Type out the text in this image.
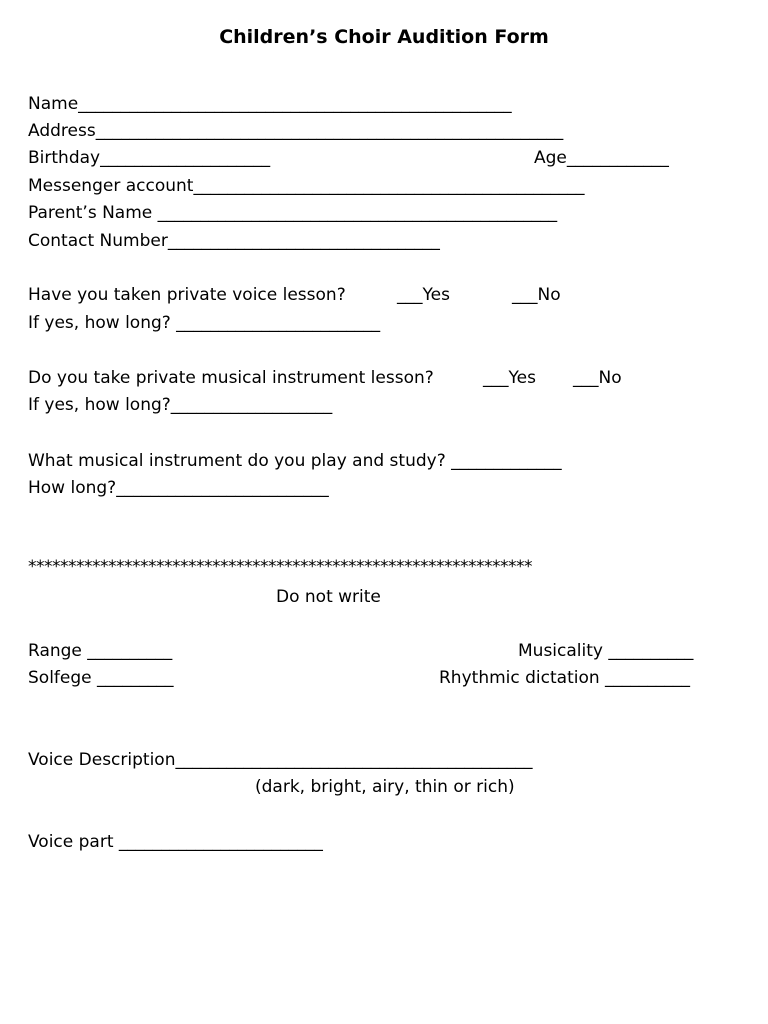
Children’s Choir Audition Form
Name___________________________________________________
Address_______________________________________________________
Birthday____________________	Age____________
Messenger account______________________________________________
Parent’s Name _______________________________________________
Contact Number________________________________
Have you taken private voice lesson?	___Yes	___No
If yes, how long? ________________________
Do you take private musical instrument lesson?	___Yes ___No
If yes, how long?___________________
What musical instrument do you play and study? _____________
How long?_________________________
***************************************************************
Do not write
Range __________	Musicality __________
Solfege _________	Rhythmic dictation __________
Voice Description__________________________________________
(dark, bright, airy, thin or rich)
Voice part ________________________
